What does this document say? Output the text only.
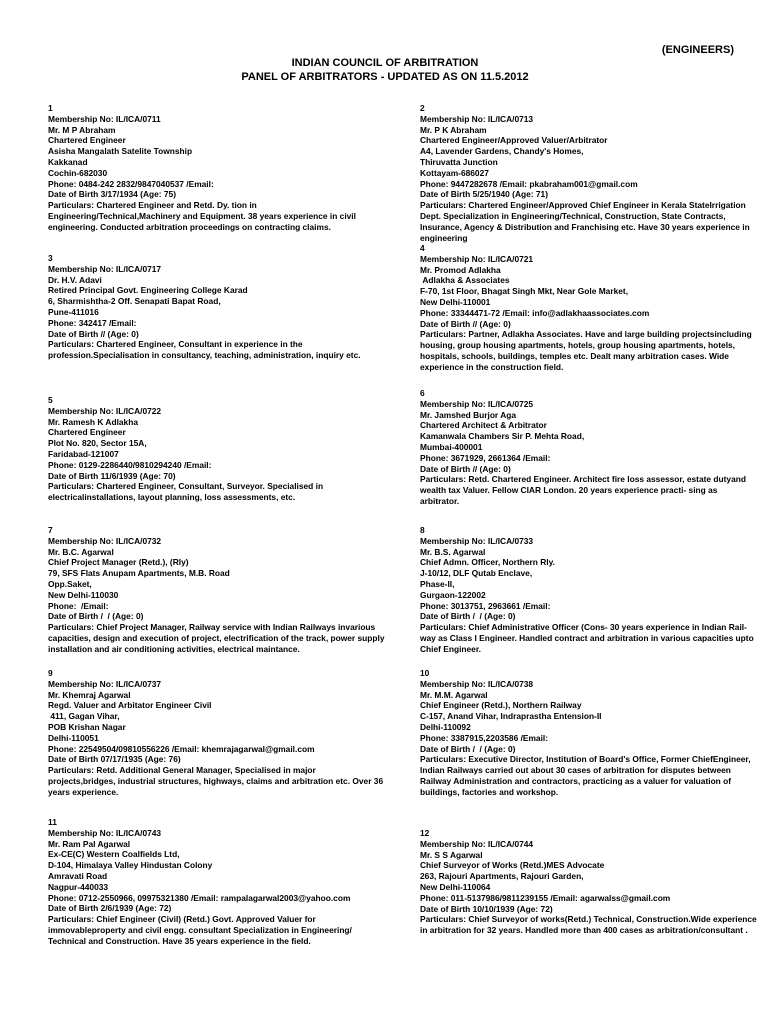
(ENGINEERS)
INDIAN COUNCIL OF ARBITRATION
PANEL OF ARBITRATORS - UPDATED AS ON 11.5.2012
1
Membership No: IL/ICA/0711
Mr. M P Abraham
Chartered Engineer
Asisha Mangalath Satelite Township
Kakkanad
Cochin-682030
Phone: 0484-242 2832/9847040537 /Email:
Date of Birth 3/17/1934 (Age: 75)
Particulars: Chartered Engineer and Retd. Dy. tion in
Engineering/Technical,Machinery and Equipment. 38 years experience in civil
engineering. Conducted arbitration proceedings on contracting claims.
2
Membership No: IL/ICA/0713
Mr. P K Abraham
Chartered Engineer/Approved Valuer/Arbitrator
A4, Lavender Gardens, Chandy's Homes,
Thiruvatta Junction
Kottayam-686027
Phone: 9447282678 /Email: pkabraham001@gmail.com
Date of Birth 5/25/1940 (Age: 71)
Particulars: Chartered Engineer/Approved Chief Engineer in Kerala StateIrrigation
Dept. Specialization in Engineering/Technical, Construction, State Contracts,
Insurance, Agency & Distribution and Franchising etc. Have 30 years experience in
engineering
3
Membership No: IL/ICA/0717
Dr. H.V. Adavi
Retired Principal Govt. Engineering College Karad
6, Sharmishtha-2 Off. Senapati Bapat Road,
Pune-411016
Phone: 342417 /Email:
Date of Birth // (Age: 0)
Particulars: Chartered Engineer, Consultant in experience in the
profession.Specialisation in consultancy, teaching, administration, inquiry etc.
4
Membership No: IL/ICA/0721
Mr. Promod Adlakha
Adlakha & Associates
F-70, 1st Floor, Bhagat Singh Mkt, Near Gole Market,
New Delhi-110001
Phone: 33344471-72 /Email: info@adlakhaassociates.com
Date of Birth // (Age: 0)
Particulars: Partner, Adlakha Associates. Have and large building projectsincluding
housing, group housing apartments, hotels, group housing apartments, hotels,
hospitals, schools, buildings, temples etc. Dealt many arbitration cases. Wide
experience in the construction field.
5
Membership No: IL/ICA/0722
Mr. Ramesh K Adlakha
Chartered Engineer
Plot No. 820, Sector 15A,
Faridabad-121007
Phone: 0129-2286440/9810294240 /Email:
Date of Birth 11/6/1939 (Age: 70)
Particulars: Chartered Engineer, Consultant, Surveyor. Specialised in
electricalinstallations, layout planning, loss assessments, etc.
6
Membership No: IL/ICA/0725
Mr. Jamshed Burjor Aga
Chartered Architect & Arbitrator
Kamanwala Chambers Sir P. Mehta Road,
Mumbai-400001
Phone: 3671929, 2661364 /Email:
Date of Birth // (Age: 0)
Particulars: Retd. Chartered Engineer. Architect fire loss assessor, estate dutyand
wealth tax Valuer. Fellow CIAR London. 20 years experience practi- sing as
arbitrator.
7
Membership No: IL/ICA/0732
Mr. B.C. Agarwal
Chief Project Manager (Retd.), (Rly)
79, SFS Flats Anupam Apartments, M.B. Road
Opp.Saket,
New Delhi-110030
Phone:  /Email:
Date of Birth /  / (Age: 0)
Particulars: Chief Project Manager, Railway service with Indian Railways invarious
capacities, design and execution of project, electrification of the track, power supply
installation and air conditioning activities, electrical maintance.
8
Membership No: IL/ICA/0733
Mr. B.S. Agarwal
Chief Admn. Officer, Northern Rly.
J-10/12, DLF Qutab Enclave,
Phase-II,
Gurgaon-122002
Phone: 3013751, 2963661 /Email:
Date of Birth /  / (Age: 0)
Particulars: Chief Administrative Officer (Cons- 30 years experience in Indian Rail-
way as Class I Engineer. Handled contract and arbitration in various capacities upto
Chief Engineer.
9
Membership No: IL/ICA/0737
Mr. Khemraj Agarwal
Regd. Valuer and Arbitator Engineer Civil
411, Gagan Vihar,
POB Krishan Nagar
Delhi-110051
Phone: 22549504/09810556226 /Email: khemrajagarwal@gmail.com
Date of Birth 07/17/1935 (Age: 76)
Particulars: Retd. Additional General Manager, Specialised in major
projects,bridges, industrial structures, highways, claims and arbitration etc. Over 36
years experience.
10
Membership No: IL/ICA/0738
Mr. M.M. Agarwal
Chief Engineer (Retd.), Northern Railway
C-157, Anand Vihar, Indraprastha Entension-II
Delhi-110092
Phone: 3387915,2203586 /Email:
Date of Birth /  / (Age: 0)
Particulars: Executive Director, Institution of Board's Office, Former ChiefEngineer,
Indian Railways carried out about 30 cases of arbitration for disputes between
Railway Administration and contractors, practicing as a valuer for valuation of
buildings, factories and workshop.
11
Membership No: IL/ICA/0743
Mr. Ram Pal Agarwal
Ex-CE(C) Western Coalfields Ltd,
D-104, Himalaya Valley Hindustan Colony
Amravati Road
Nagpur-440033
Phone: 0712-2550966, 09975321380 /Email: rampalagarwal2003@yahoo.com
Date of Birth 2/6/1939 (Age: 72)
Particulars: Chief Engineer (Civil) (Retd.) Govt. Approved Valuer for
immovableproperty and civil engg. consultant Specialization in Engineering/
Technical and Construction. Have 35 years experience in the field.
12
Membership No: IL/ICA/0744
Mr. S S Agarwal
Chief Surveyor of Works (Retd.)MES Advocate
263, Rajouri Apartments, Rajouri Garden,
New Delhi-110064
Phone: 011-5137986/9811239155 /Email: agarwalss@gmail.com
Date of Birth 10/10/1939 (Age: 72)
Particulars: Chief Surveyor of works(Retd.) Technical, Construction.Wide experience
in arbitration for 32 years. Handled more than 400 cases as arbitration/consultant .
